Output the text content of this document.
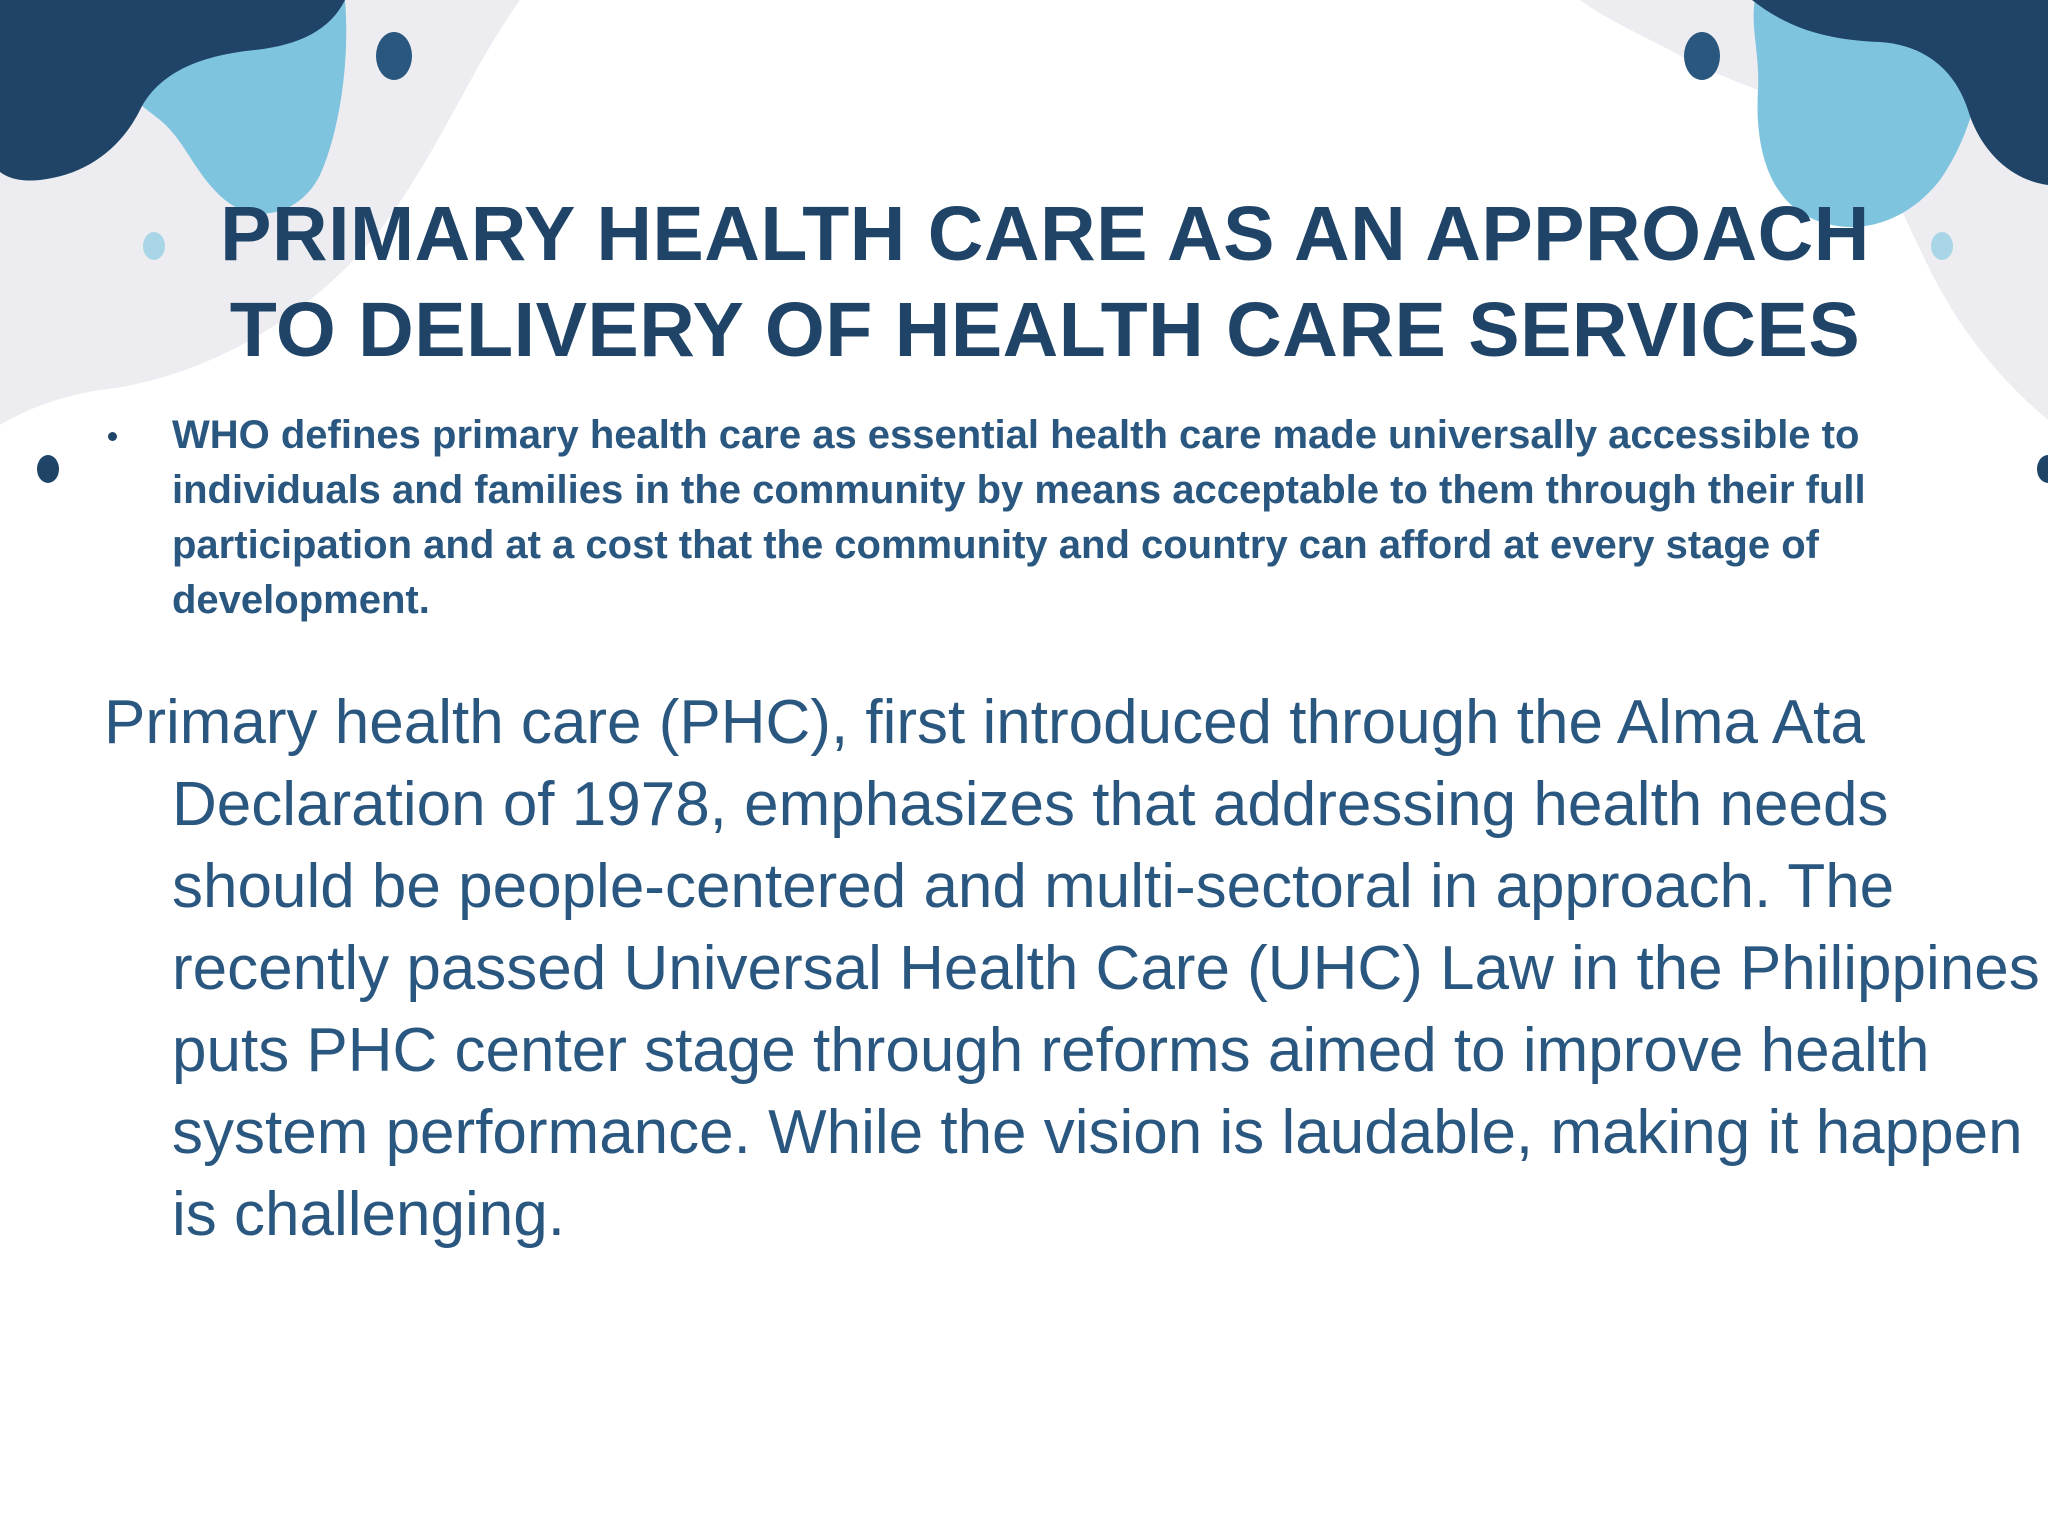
PRIMARY HEALTH CARE AS AN APPROACH
TO DELIVERY OF HEALTH CARE SERVICES

WHO defines primary health care as essential health care made universally accessible to individuals and families in the community by means acceptable to them through their full participation and at a cost that the community and country can afford at every stage of development.

Primary health care (PHC), first introduced through the Alma Ata Declaration of 1978, emphasizes that addressing health needs should be people-centered and multi-sectoral in approach. The recently passed Universal Health Care (UHC) Law in the Philippines puts PHC center stage through reforms aimed to improve health system performance. While the vision is laudable, making it happen is challenging.
